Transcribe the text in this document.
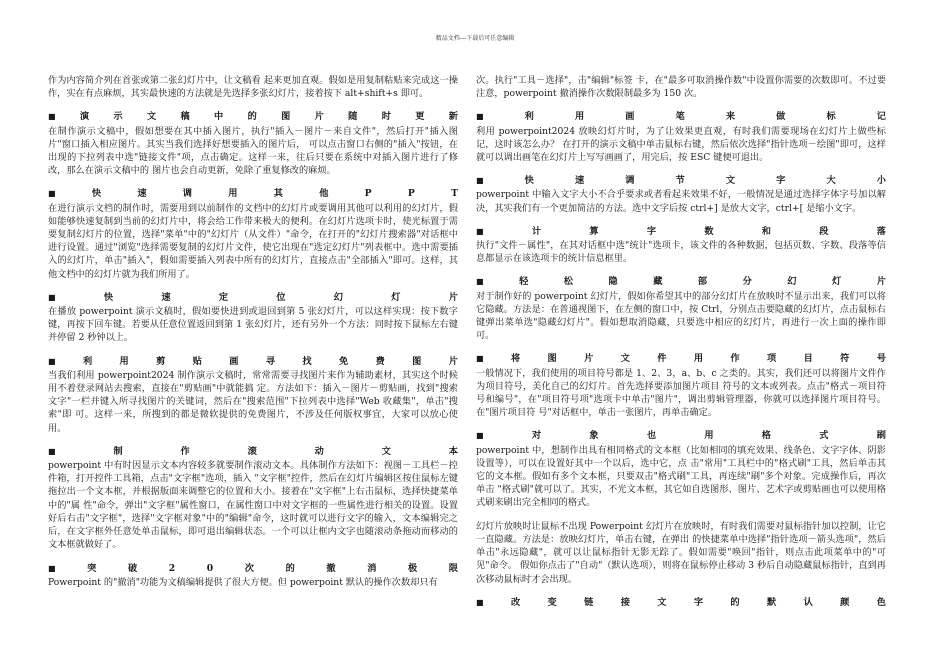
精品文档---下载后可任意编辑
作为内容简介列在首张或第二张幻灯片中，让文稿看 起来更加直观。假如是用复制粘贴来完成这一操作，实在有点麻烦，其实最快速的方法就是先选择多张幻灯片，接着按下 alt+shift+s 即可。
■	演	示	文	稿	中	的	图	片	随	时	更	新
在制作演示文稿中，假如想要在其中插入图片，执行"插入－图片－来自文件"，然后打开"插入图片"窗口插入相应图片。其实当我们选择好想要插入的图片后， 可以点击窗口右侧的"插入"按钮，在出现的下拉列表中选"链接文件"项，点击确定。这样一来，往后只要在系统中对插入图片进行了修改，那么在演示文稿中的 图片也会自动更新，免除了重复修改的麻烦。
■	快	速	调	用	其	他	P	P	T
在进行演示文档的制作时，需要用到以前制作的文档中的幻灯片或要调用其他可以利用的幻灯片，假如能够快速复制到当前的幻灯片中，将会给工作带来极大的便利。在幻灯片选项卡时，使光标置于需要复制幻灯片的位置，选择"菜单"中的"幻灯片（从文件）"命令，在打开的"幻灯片搜索器"对话框中进行设置。通过"浏览"选择需要复制的幻灯片文件，使它出现在"选定幻灯片"列表框中。选中需要插入的幻灯片，单击"插入"，假如需要插入列表中所有的幻灯片，直接点击"全部插入"即可。这样，其他文档中的幻灯片就为我们所用了。
■	快	速	定	位	幻	灯	片
在播放 powerpoint 演示文稿时，假如要快进到或退回到第 5 张幻灯片，可以这样实现：按下数字 键，再按下回车键。若要从任意位置返回到第 1 张幻灯片，还有另外一个方法：同时按下鼠标左右键并停留 2 秒钟以上。
■	利	用	剪	贴	画	寻	找	免	费	图	片
当我们利用 powerpoint2024 制作演示文稿时，常常需要寻找图片来作为辅助素材，其实这个时候用不着登录网站去搜索，直接在"剪贴画"中就能搞 定。方法如下：插入－图片－剪贴画，找到"搜索文字"一栏并键入所寻找图片的关键词，然后在"搜索范围"下拉列表中选择"Web 收藏集"，单击"搜索"即 可。这样一来，所搜到的都是微软提供的免费图片，不涉及任何版权事宜，大家可以放心使用。
■	制	作	滚	动	文	本
powerpoint 中有时因显示文本内容较多就要制作滚动文本。具体制作方法如下：视图－工具栏－控件箱，打开控件工具箱，点击"文字框"选项，插入 "文字框"控件，然后在幻灯片编辑区按住鼠标左键拖拉出一个文本框，并根据版面来调整它的位置和大小。接着在"文字框"上右击鼠标，选择快捷菜单中的"属 性"命令，弹出"文字框"属性窗口，在属性窗口中对文字框的一些属性进行相关的设置。设置好后右击"文字框"，选择"文字框对象"中的"编辑"命令，这时就可以进行文字的输入，文本编辑完之后，在文字框外任意处单击鼠标，即可退出编辑状态。一个可以让框内文字也随滚动条拖动而移动的文本框就做好了。
■	突	破	2	0	次	的	撤	消	极	限
Powerpoint 的"撤消"功能为文稿编辑提供了很大方便。但 powerpoint 默认的操作次数却只有
次。执行"工具－选择"，击"编辑"标签 卡，在"最多可取消操作数"中设置你需要的次数即可。不过要注意，powerpoint 撤消操作次数限制最多为 150 次。
■	利	用	画	笔	来	做	标	记
利用 powerpoint2024 放映幻灯片时，为了让效果更直观，有时我们需要现场在幻灯片上做些标记，这时该怎么办？ 在打开的演示文稿中单击鼠标右键，然后依次选择"指针选项－绘图"即可，这样就可以调出画笔在幻灯片上写写画画了，用完后，按 ESC 键便可退出。
■	快	速	调	节	文	字	大	小
powerpoint 中输入文字大小不合乎要求或者看起来效果不好，一般情况是通过选择字体字号加以解决，其实我们有一个更加简洁的方法。选中文字后按 ctrl+] 是放大文字，ctrl+[ 是缩小文字。
■	计	算	字	数	和	段	落
执行"文件－属性"，在其对话框中选"统计"选项卡，该文件的各种数据，包括页数、字数、段落等信息都显示在该选项卡的统计信息框里。
■	轻	松	隐	藏	部	分	幻	灯	片
对于制作好的 powerpoint 幻灯片，假如你希望其中的部分幻灯片在放映时不显示出来，我们可以将它隐藏。方法是：在普通视图下，在左侧的窗口中，按 Ctrl，分别点击要隐藏的幻灯片，点击鼠标右键弹出菜单选"隐藏幻灯片"。假如想取消隐藏，只要选中相应的幻灯片，再进行一次上面的操作即可。
■	将	图	片	文	件	用	作	项	目	符	号
一般情况下，我们使用的项目符号都是 1、2、3，a、b、c 之类的。其实，我们还可以将图片文件作为项目符号，美化自己的幻灯片。首先选择要添加图片项目 符号的文本或列表。点击"格式－项目符号和编号"，在"项目符号项"选项卡中单击"图片"，调出剪辑管理器，你就可以选择图片项目符号。在"图片项目符 号"对话框中，单击一张图片，再单击确定。
■	对	象	也	用	格	式	刷
powerpoint 中，想制作出具有相同格式的文本框（比如相同的填充效果、线条色、文字字体、阴影设置等），可以在设置好其中一个以后，选中它，点 击"常用"工具栏中的"格式刷"工具，然后单击其它的文本框。假如有多个文本框，只要双击"格式刷"工具，再连续"刷"多个对象。完成操作后，再次单击 "格式刷"就可以了。其实，不光文本框，其它如自选图形、图片、艺术字或剪贴画也可以使用格式刷来刷出完全相同的格式。
幻灯片放映时让鼠标不出现 Powerpoint 幻灯片在放映时，有时我们需要对鼠标指针加以控制，让它一直隐藏。方法是：放映幻灯片，单击右键，在弹出 的快捷菜单中选择"指针选项－箭头选项"，然后单击"永远隐藏"，就可以让鼠标指针无影无踪了。假如需要"唤回"指针，则点击此项菜单中的"可见"命令。 假如你点击了"自动"（默认选项），则将在鼠标停止移动 3 秒后自动隐藏鼠标指针，直到再次移动鼠标时才会出现。
■	改	变	链	接	文	字	的	默	认	颜	色
